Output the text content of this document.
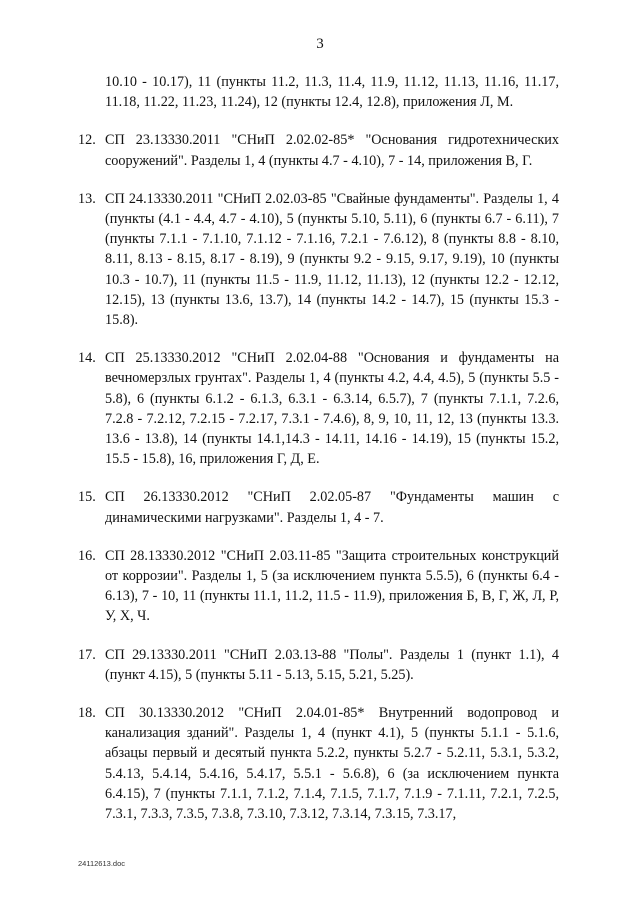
3
10.10 - 10.17), 11 (пункты 11.2, 11.3, 11.4, 11.9, 11.12, 11.13, 11.16, 11.17, 11.18, 11.22, 11.23, 11.24), 12 (пункты 12.4, 12.8), приложения Л, М.
12. СП 23.13330.2011 "СНиП 2.02.02-85* "Основания гидротехнических сооружений". Разделы 1, 4 (пункты 4.7 - 4.10), 7 - 14, приложения В, Г.
13. СП 24.13330.2011 "СНиП 2.02.03-85 "Свайные фундаменты". Разделы 1, 4 (пункты (4.1 - 4.4, 4.7 - 4.10), 5 (пункты 5.10, 5.11), 6 (пункты 6.7 - 6.11), 7 (пункты 7.1.1 - 7.1.10, 7.1.12 - 7.1.16, 7.2.1 - 7.6.12), 8 (пункты 8.8 - 8.10, 8.11, 8.13 - 8.15, 8.17 - 8.19), 9 (пункты 9.2 - 9.15, 9.17, 9.19), 10 (пункты 10.3 - 10.7), 11 (пункты 11.5 - 11.9, 11.12, 11.13), 12 (пункты 12.2 - 12.12, 12.15), 13 (пункты 13.6, 13.7), 14 (пункты 14.2 - 14.7), 15 (пункты 15.3 - 15.8).
14. СП 25.13330.2012 "СНиП 2.02.04-88 "Основания и фундаменты на вечномерзлых грунтах". Разделы 1, 4 (пункты 4.2, 4.4, 4.5), 5 (пункты 5.5 - 5.8), 6 (пункты 6.1.2 - 6.1.3, 6.3.1 - 6.3.14, 6.5.7), 7 (пункты 7.1.1, 7.2.6, 7.2.8 - 7.2.12, 7.2.15 - 7.2.17, 7.3.1 - 7.4.6), 8, 9, 10, 11, 12, 13 (пункты 13.3. 13.6 - 13.8), 14 (пункты 14.1,14.3 - 14.11, 14.16 - 14.19), 15 (пункты 15.2, 15.5 - 15.8), 16, приложения Г, Д, Е.
15. СП 26.13330.2012 "СНиП 2.02.05-87 "Фундаменты машин с динамическими нагрузками". Разделы 1, 4 - 7.
16. СП 28.13330.2012 "СНиП 2.03.11-85 "Защита строительных конструкций от коррозии". Разделы 1, 5 (за исключением пункта 5.5.5), 6 (пункты 6.4 - 6.13), 7 - 10, 11 (пункты 11.1, 11.2, 11.5 - 11.9), приложения Б, В, Г, Ж, Л, Р, У, Х, Ч.
17. СП 29.13330.2011 "СНиП 2.03.13-88 "Полы". Разделы 1 (пункт 1.1), 4 (пункт 4.15), 5 (пункты 5.11 - 5.13, 5.15, 5.21, 5.25).
18. СП 30.13330.2012 "СНиП 2.04.01-85* Внутренний водопровод и канализация зданий". Разделы 1, 4 (пункт 4.1), 5 (пункты 5.1.1 - 5.1.6, абзацы первый и десятый пункта 5.2.2, пункты 5.2.7 - 5.2.11, 5.3.1, 5.3.2, 5.4.13, 5.4.14, 5.4.16, 5.4.17, 5.5.1 - 5.6.8), 6 (за исключением пункта 6.4.15), 7 (пункты 7.1.1, 7.1.2, 7.1.4, 7.1.5, 7.1.7, 7.1.9 - 7.1.11, 7.2.1, 7.2.5, 7.3.1, 7.3.3, 7.3.5, 7.3.8, 7.3.10, 7.3.12, 7.3.14, 7.3.15, 7.3.17,
24112613.doc
